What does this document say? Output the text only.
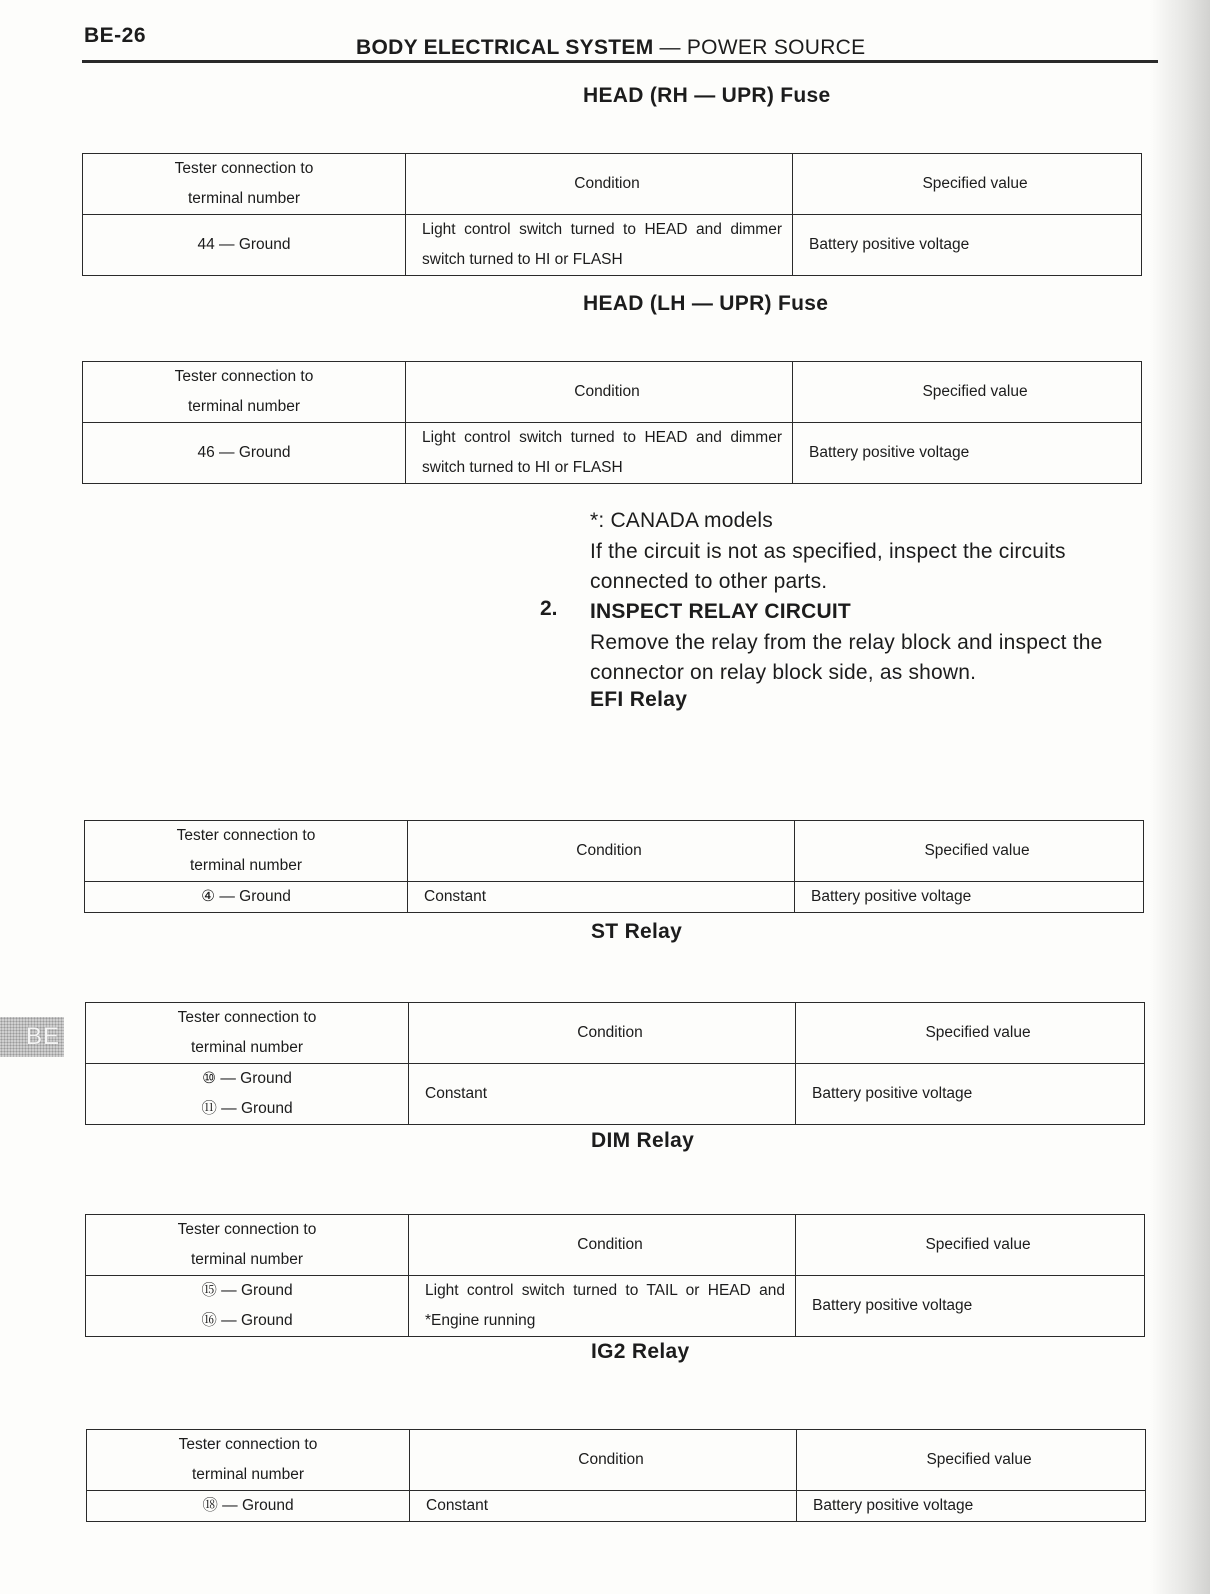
BE-26
BODY ELECTRICAL SYSTEM — POWER SOURCE
BE
HEAD (RH — UPR) Fuse
Tester connection to
terminal number	Condition	Specified value

44 — Ground	Light control switch turned to HEAD and dimmer switch turned to HI or FLASH	Battery positive voltage
HEAD (LH — UPR) Fuse
Tester connection to
terminal number	Condition	Specified value

46 — Ground	Light control switch turned to HEAD and dimmer switch turned to HI or FLASH	Battery positive voltage
*: CANADA models
If the circuit is not as specified, inspect the circuits
connected to other parts.
2. INSPECT RELAY CIRCUIT
Remove the relay from the relay block and inspect the
connector on relay block side, as shown.
EFI Relay
Tester connection to
terminal number	Condition	Specified value

④ — Ground	Constant	Battery positive voltage
ST Relay
Tester connection to
terminal number	Condition	Specified value

⑩ — Ground
⑪ — Ground	Constant	Battery positive voltage
DIM Relay
Tester connection to
terminal number	Condition	Specified value

⑮ — Ground
⑯ — Ground	Light control switch turned to TAIL or HEAD and *Engine running	Battery positive voltage
IG2 Relay
Tester connection to
terminal number	Condition	Specified value

⑱ — Ground	Constant	Battery positive voltage
